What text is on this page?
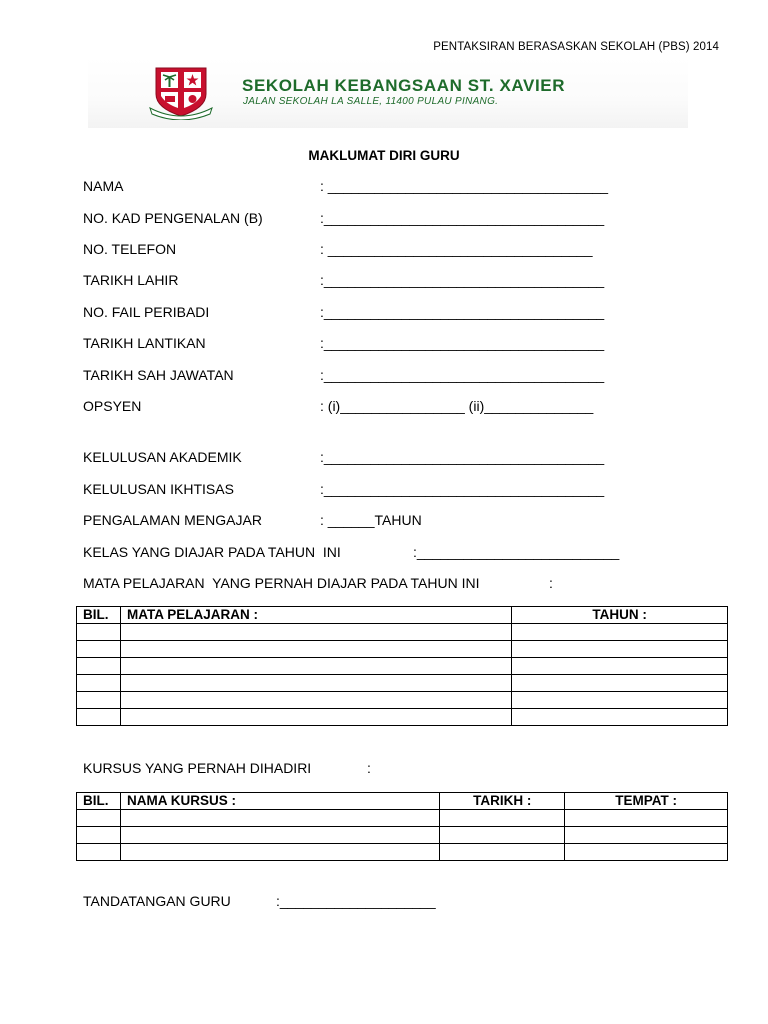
PENTAKSIRAN BERASASKAN SEKOLAH (PBS) 2014
SEKOLAH KEBANGSAAN ST. XAVIER
JALAN SEKOLAH LA SALLE, 11400 PULAU PINANG.
MAKLUMAT DIRI GURU

NAMA

	: ____________________________________

NO. KAD PENGENALAN (B)

	:____________________________________

NO. TELEFON

	: __________________________________

TARIKH LAHIR

	:____________________________________

NO. FAIL PERIBADI

	:____________________________________

TARIKH LANTIKAN

	:____________________________________

TARIKH SAH JAWATAN

	:____________________________________

OPSYEN

	: (i)________________ (ii)______________

KELULUSAN AKADEMIK

	:____________________________________

KELULUSAN IKHTISAS

	:____________________________________

PENGALAMAN MENGAJAR

	: ______TAHUN

KELAS YANG DIAJAR PADA TAHUN  INI

	:__________________________

MATA PELAJARAN  YANG PERNAH DIAJAR PADA TAHUN INI

	:

BIL.	MATA PELAJARAN :	TAHUN :

KURSUS YANG PERNAH DIHADIRI

	:

BIL.	NAMA KURSUS :	TARIKH :	TEMPAT :

TANDATANGAN GURU

	:____________________
